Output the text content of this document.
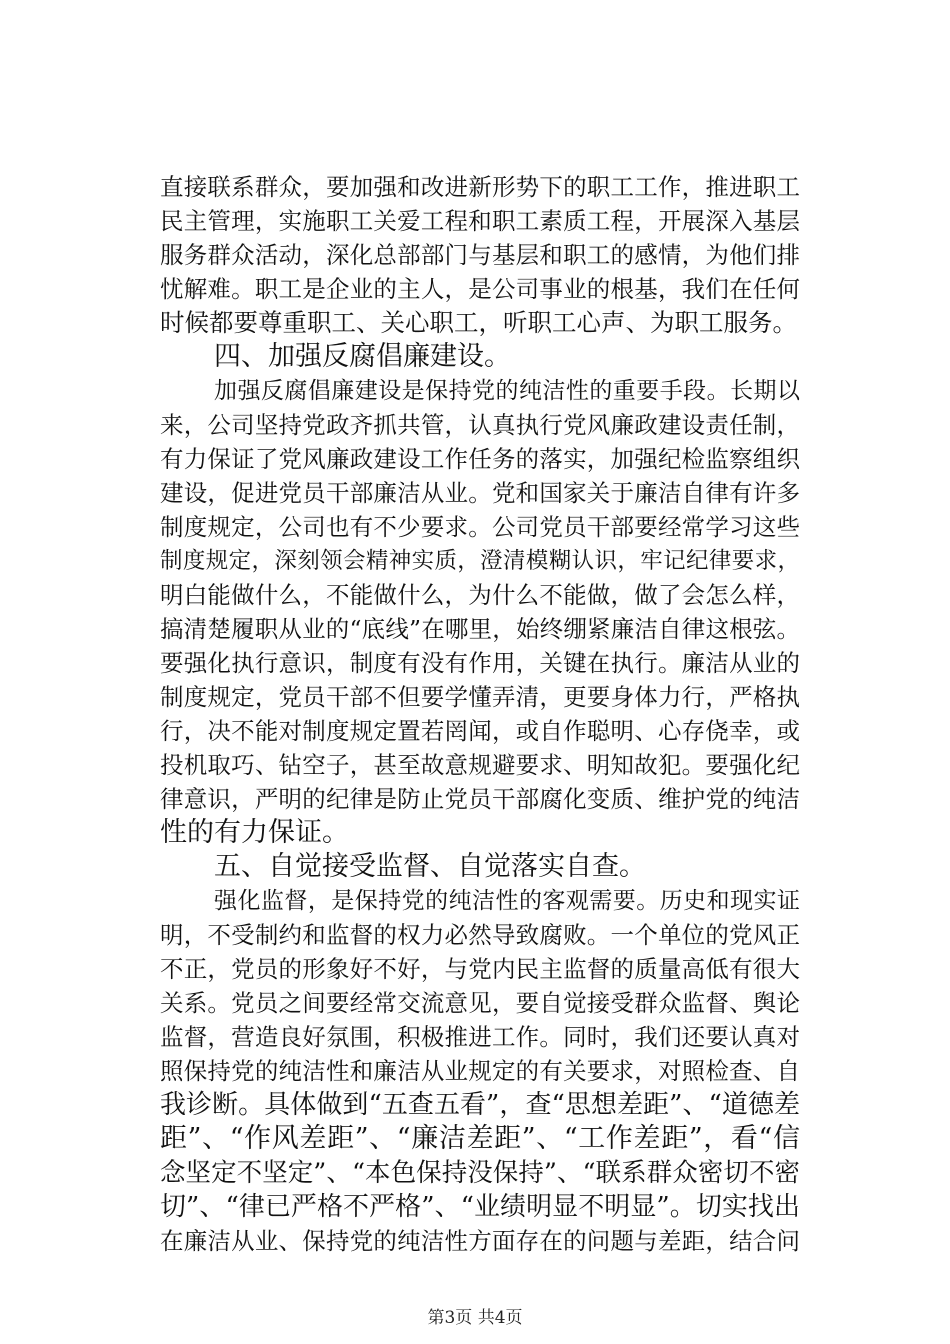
直接联系群众，要加强和改进新形势下的职工工作，推进职工
民主管理，实施职工关爱工程和职工素质工程，开展深入基层
服务群众活动，深化总部部门与基层和职工的感情，为他们排
忧解难。职工是企业的主人，是公司事业的根基，我们在任何
时候都要尊重职工、关心职工，听职工心声、为职工服务。
四、加强反腐倡廉建设。
加强反腐倡廉建设是保持党的纯洁性的重要手段。长期以
来，公司坚持党政齐抓共管，认真执行党风廉政建设责任制，
有力保证了党风廉政建设工作任务的落实，加强纪检监察组织
建设，促进党员干部廉洁从业。党和国家关于廉洁自律有许多
制度规定，公司也有不少要求。公司党员干部要经常学习这些
制度规定，深刻领会精神实质，澄清模糊认识，牢记纪律要求，
明白能做什么，不能做什么，为什么不能做，做了会怎么样，
搞清楚履职从业的“底线”在哪里，始终绷紧廉洁自律这根弦。
要强化执行意识，制度有没有作用，关键在执行。廉洁从业的
制度规定，党员干部不但要学懂弄清，更要身体力行，严格执
行，决不能对制度规定置若罔闻，或自作聪明、心存侥幸，或
投机取巧、钻空子，甚至故意规避要求、明知故犯。要强化纪
律意识，严明的纪律是防止党员干部腐化变质、维护党的纯洁
性的有力保证。
五、自觉接受监督、自觉落实自查。
强化监督，是保持党的纯洁性的客观需要。历史和现实证
明，不受制约和监督的权力必然导致腐败。一个单位的党风正
不正，党员的形象好不好，与党内民主监督的质量高低有很大
关系。党员之间要经常交流意见，要自觉接受群众监督、舆论
监督，营造良好氛围，积极推进工作。同时，我们还要认真对
照保持党的纯洁性和廉洁从业规定的有关要求，对照检查、自
我诊断。具体做到“五查五看”，查“思想差距”、“道德差
距”、“作风差距”、“廉洁差距”、“工作差距”，看“信
念坚定不坚定”、“本色保持没保持”、“联系群众密切不密
切”、“律已严格不严格”、“业绩明显不明显”。切实找出
在廉洁从业、保持党的纯洁性方面存在的问题与差距，结合问
第3页 共4页
